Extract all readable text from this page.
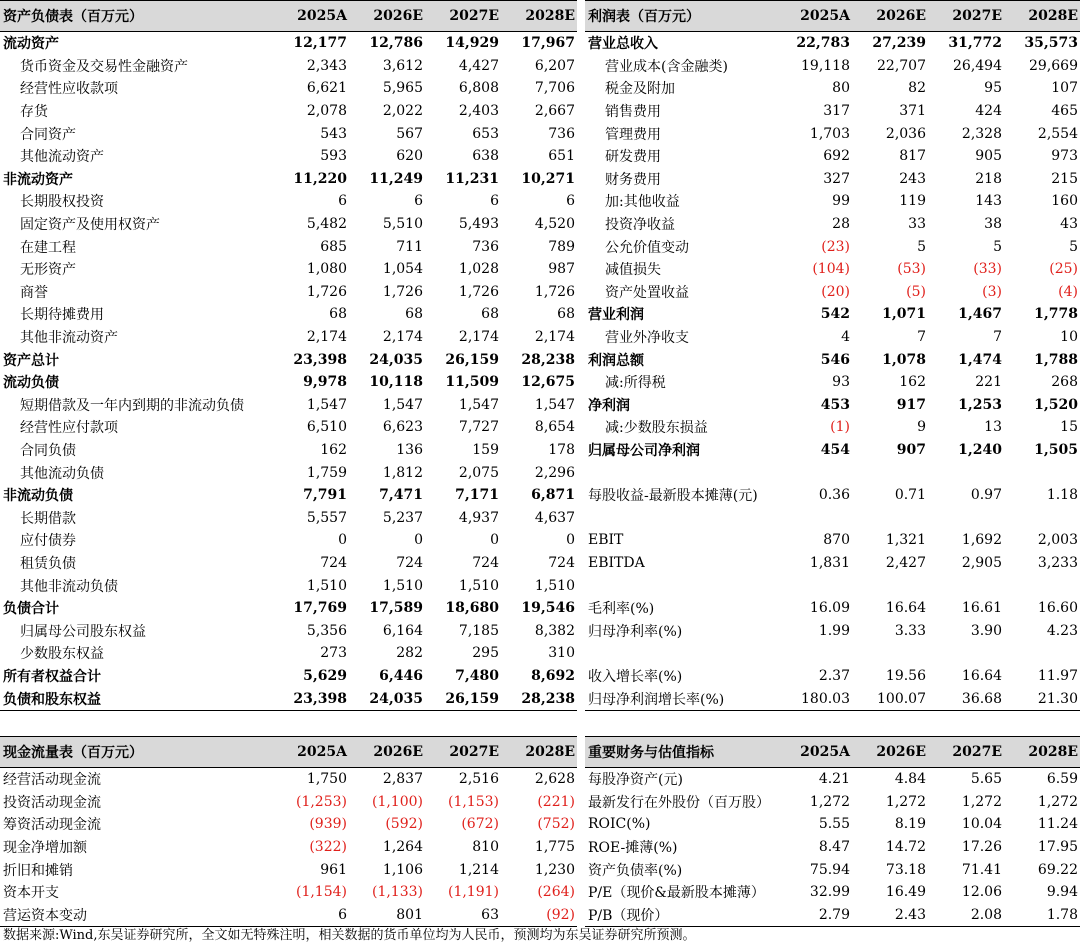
资产负债表（百万元）	2025A	2026E	2027E	2028E
流动资产	12,177	12,786	14,929	17,967
货币资金及交易性金融资产	2,343	3,612	4,427	6,207
经营性应收款项	6,621	5,965	6,808	7,706
存货	2,078	2,022	2,403	2,667
合同资产	543	567	653	736
其他流动资产	593	620	638	651
非流动资产	11,220	11,249	11,231	10,271
长期股权投资	6	6	6	6
固定资产及使用权资产	5,482	5,510	5,493	4,520
在建工程	685	711	736	789
无形资产	1,080	1,054	1,028	987
商誉	1,726	1,726	1,726	1,726
长期待摊费用	68	68	68	68
其他非流动资产	2,174	2,174	2,174	2,174
资产总计	23,398	24,035	26,159	28,238
流动负债	9,978	10,118	11,509	12,675
短期借款及一年内到期的非流动负债	1,547	1,547	1,547	1,547
经营性应付款项	6,510	6,623	7,727	8,654
合同负债	162	136	159	178
其他流动负债	1,759	1,812	2,075	2,296
非流动负债	7,791	7,471	7,171	6,871
长期借款	5,557	5,237	4,937	4,637
应付债券	0	0	0	0
租赁负债	724	724	724	724
其他非流动负债	1,510	1,510	1,510	1,510
负债合计	17,769	17,589	18,680	19,546
归属母公司股东权益	5,356	6,164	7,185	8,382
少数股东权益	273	282	295	310
所有者权益合计	5,629	6,446	7,480	8,692
负债和股东权益	23,398	24,035	26,159	28,238
利润表（百万元）	2025A	2026E	2027E	2028E
营业总收入	22,783	27,239	31,772	35,573
营业成本(含金融类)	19,118	22,707	26,494	29,669
税金及附加	80	82	95	107
销售费用	317	371	424	465
管理费用	1,703	2,036	2,328	2,554
研发费用	692	817	905	973
财务费用	327	243	218	215
加:其他收益	99	119	143	160
投资净收益	28	33	38	43
公允价值变动	(23)	5	5	5
减值损失	(104)	(53)	(33)	(25)
资产处置收益	(20)	(5)	(3)	(4)
营业利润	542	1,071	1,467	1,778
营业外净收支	4	7	7	10
利润总额	546	1,078	1,474	1,788
减:所得税	93	162	221	268
净利润	453	917	1,253	1,520
减:少数股东损益	(1)	9	13	15
归属母公司净利润	454	907	1,240	1,505

每股收益-最新股本摊薄(元)	0.36	0.71	0.97	1.18

EBIT	870	1,321	1,692	2,003
EBITDA	1,831	2,427	2,905	3,233

毛利率(%)	16.09	16.64	16.61	16.60
归母净利率(%)	1.99	3.33	3.90	4.23

收入增长率(%)	2.37	19.56	16.64	11.97
归母净利润增长率(%)	180.03	100.07	36.68	21.30
现金流量表（百万元）	2025A	2026E	2027E	2028E
经营活动现金流	1,750	2,837	2,516	2,628
投资活动现金流	(1,253)	(1,100)	(1,153)	(221)
筹资活动现金流	(939)	(592)	(672)	(752)
现金净增加额	(322)	1,264	810	1,775
折旧和摊销	961	1,106	1,214	1,230
资本开支	(1,154)	(1,133)	(1,191)	(264)
营运资本变动	6	801	63	(92)
重要财务与估值指标	2025A	2026E	2027E	2028E
每股净资产(元)	4.21	4.84	5.65	6.59
最新发行在外股份（百万股）	1,272	1,272	1,272	1,272
ROIC(%)	5.55	8.19	10.04	11.24
ROE-摊薄(%)	8.47	14.72	17.26	17.95
资产负债率(%)	75.94	73.18	71.41	69.22
P/E（现价&最新股本摊薄）	32.99	16.49	12.06	9.94
P/B（现价）	2.79	2.43	2.08	1.78
数据来源:Wind,东吴证券研究所，全文如无特殊注明，相关数据的货币单位均为人民币，预测均为东吴证券研究所预测。
